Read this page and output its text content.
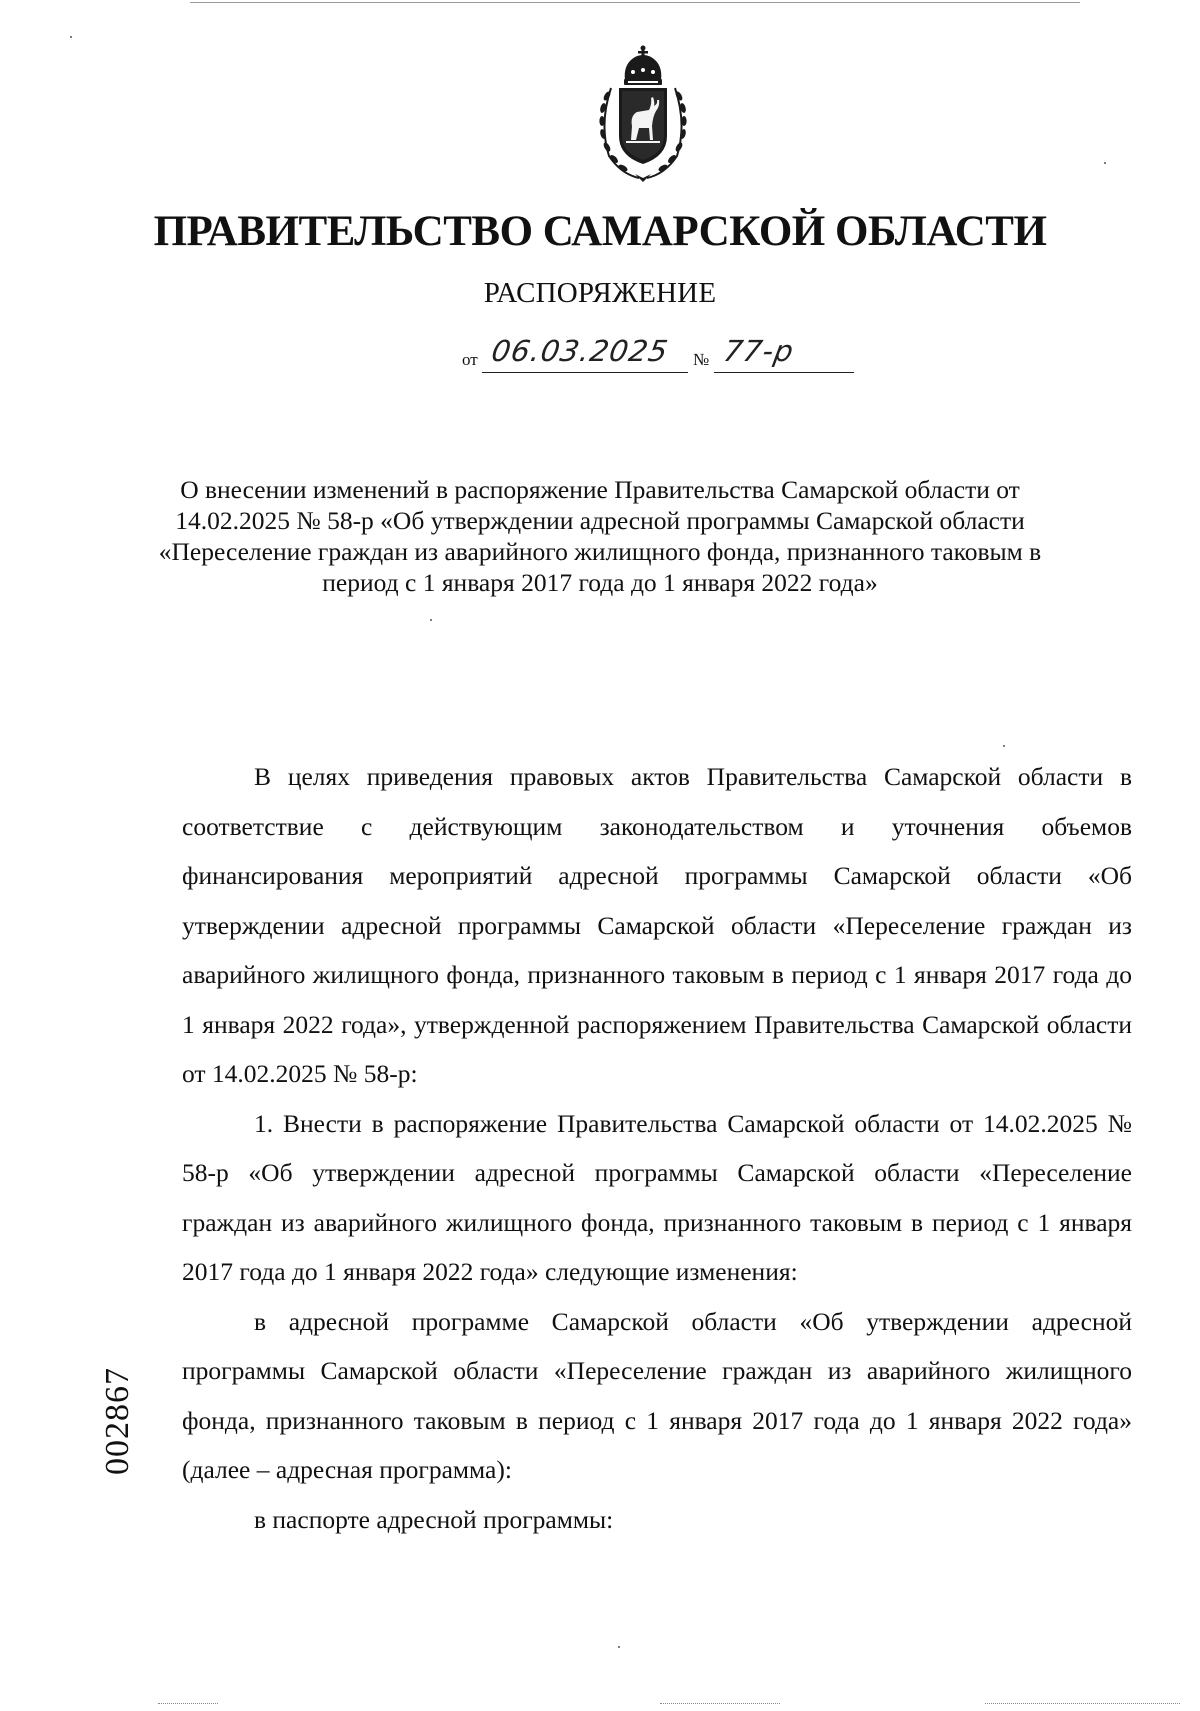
ПРАВИТЕЛЬСТВО САМАРСКОЙ ОБЛАСТИ
РАСПОРЯЖЕНИЕ
от 06.03.2025 № 77-р
О внесении изменений в распоряжение Правительства Самарской области от 14.02.2025 № 58-р «Об утверждении адресной программы Самарской области «Переселение граждан из аварийного жилищного фонда, признанного таковым в период с 1 января 2017 года до 1 января 2022 года»

В целях приведения правовых актов Правительства Самарской области в соответствие с действующим законодательством и уточнения объемов финансирования мероприятий адресной программы Самарской области «Об утверждении адресной программы Самарской области «Переселение граждан из аварийного жилищного фонда, признанного таковым в период с 1 января 2017 года до 1 января 2022 года», утвержденной распоряжением Правительства Самарской области от 14.02.2025 № 58-р:

1. Внести в распоряжение Правительства Самарской области от 14.02.2025 № 58-р «Об утверждении адресной программы Самарской области «Переселение граждан из аварийного жилищного фонда, признанного таковым в период с 1 января 2017 года до 1 января 2022 года» следующие изменения:

в адресной программе Самарской области «Об утверждении адресной программы Самарской области «Переселение граждан из аварийного жилищного фонда, признанного таковым в период с 1 января 2017 года до 1 января 2022 года» (далее – адресная программа):

в паспорте адресной программы:

002867
